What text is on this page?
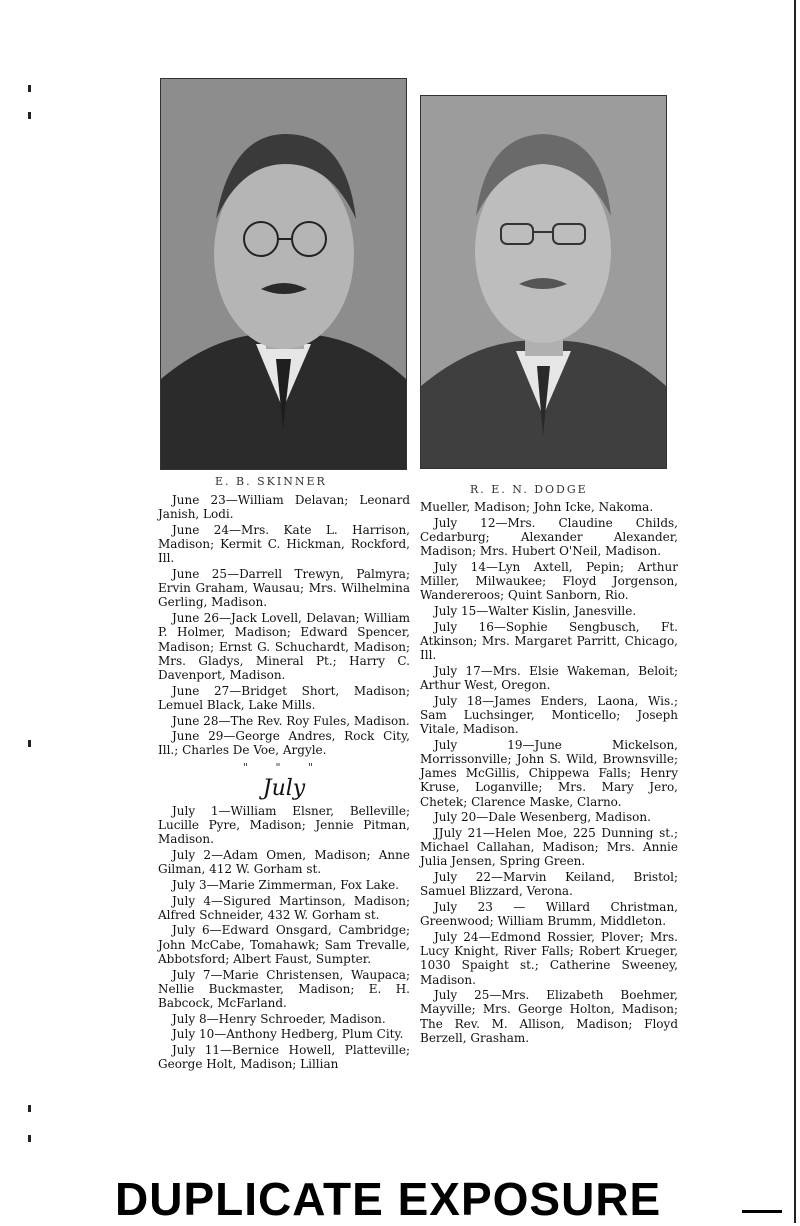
E. B. SKINNER
R. E. N. DODGE

June 23—William Delavan; Leonard Janish, Lodi.

June 24—Mrs. Kate L. Harrison, Madison; Kermit C. Hickman, Rockford, Ill.

June 25—Darrell Trewyn, Palmyra; Ervin Graham, Wausau; Mrs. Wilhelmina Gerling, Madison.

June 26—Jack Lovell, Delavan; William P. Holmer, Madison; Edward Spencer, Madison; Ernst G. Schuchardt, Madison; Mrs. Gladys, Mineral Pt.; Harry C. Davenport, Madison.

June 27—Bridget Short, Madison; Lemuel Black, Lake Mills.

June 28—The Rev. Roy Fules, Madison.

June 29—George Andres, Rock City, Ill.; Charles De Voe, Argyle.

" " "
July

July 1—William Elsner, Belleville; Lucille Pyre, Madison; Jennie Pitman, Madison.

July 2—Adam Omen, Madison; Anne Gilman, 412 W. Gorham st.

July 3—Marie Zimmerman, Fox Lake.

July 4—Sigured Martinson, Madison; Alfred Schneider, 432 W. Gorham st.

July 6—Edward Onsgard, Cambridge; John McCabe, Tomahawk; Sam Trevalle, Abbotsford; Albert Faust, Sumpter.

July 7—Marie Christensen, Waupaca; Nellie Buckmaster, Madison; E. H. Babcock, McFarland.

July 8—Henry Schroeder, Madison.

July 10—Anthony Hedberg, Plum City.

July 11—Bernice Howell, Platteville; George Holt, Madison; Lillian

Mueller, Madison; John Icke, Nakoma.

July 12—Mrs. Claudine Childs, Cedarburg; Alexander Alexander, Madison; Mrs. Hubert O'Neil, Madison.

July 14—Lyn Axtell, Pepin; Arthur Miller, Milwaukee; Floyd Jorgenson, Wandereroos; Quint Sanborn, Rio.

July 15—Walter Kislin, Janesville.

July 16—Sophie Sengbusch, Ft. Atkinson; Mrs. Margaret Parritt, Chicago, Ill.

July 17—Mrs. Elsie Wakeman, Beloit; Arthur West, Oregon.

July 18—James Enders, Laona, Wis.; Sam Luchsinger, Monticello; Joseph Vitale, Madison.

July 19—June Mickelson, Morrissonville; John S. Wild, Brownsville; James McGillis, Chippewa Falls; Henry Kruse, Loganville; Mrs. Mary Jero, Chetek; Clarence Maske, Clarno.

July 20—Dale Wesenberg, Madison.

JJuly 21—Helen Moe, 225 Dunning st.; Michael Callahan, Madison; Mrs. Annie Julia Jensen, Spring Green.

July 22—Marvin Keiland, Bristol; Samuel Blizzard, Verona.

July 23 — Willard Christman, Greenwood; William Brumm, Middleton.

July 24—Edmond Rossier, Plover; Mrs. Lucy Knight, River Falls; Robert Krueger, 1030 Spaight st.; Catherine Sweeney, Madison.

July 25—Mrs. Elizabeth Boehmer, Mayville; Mrs. George Holton, Madison; The Rev. M. Allison, Madison; Floyd Berzell, Grasham.

DUPLICATE EXPOSURE
